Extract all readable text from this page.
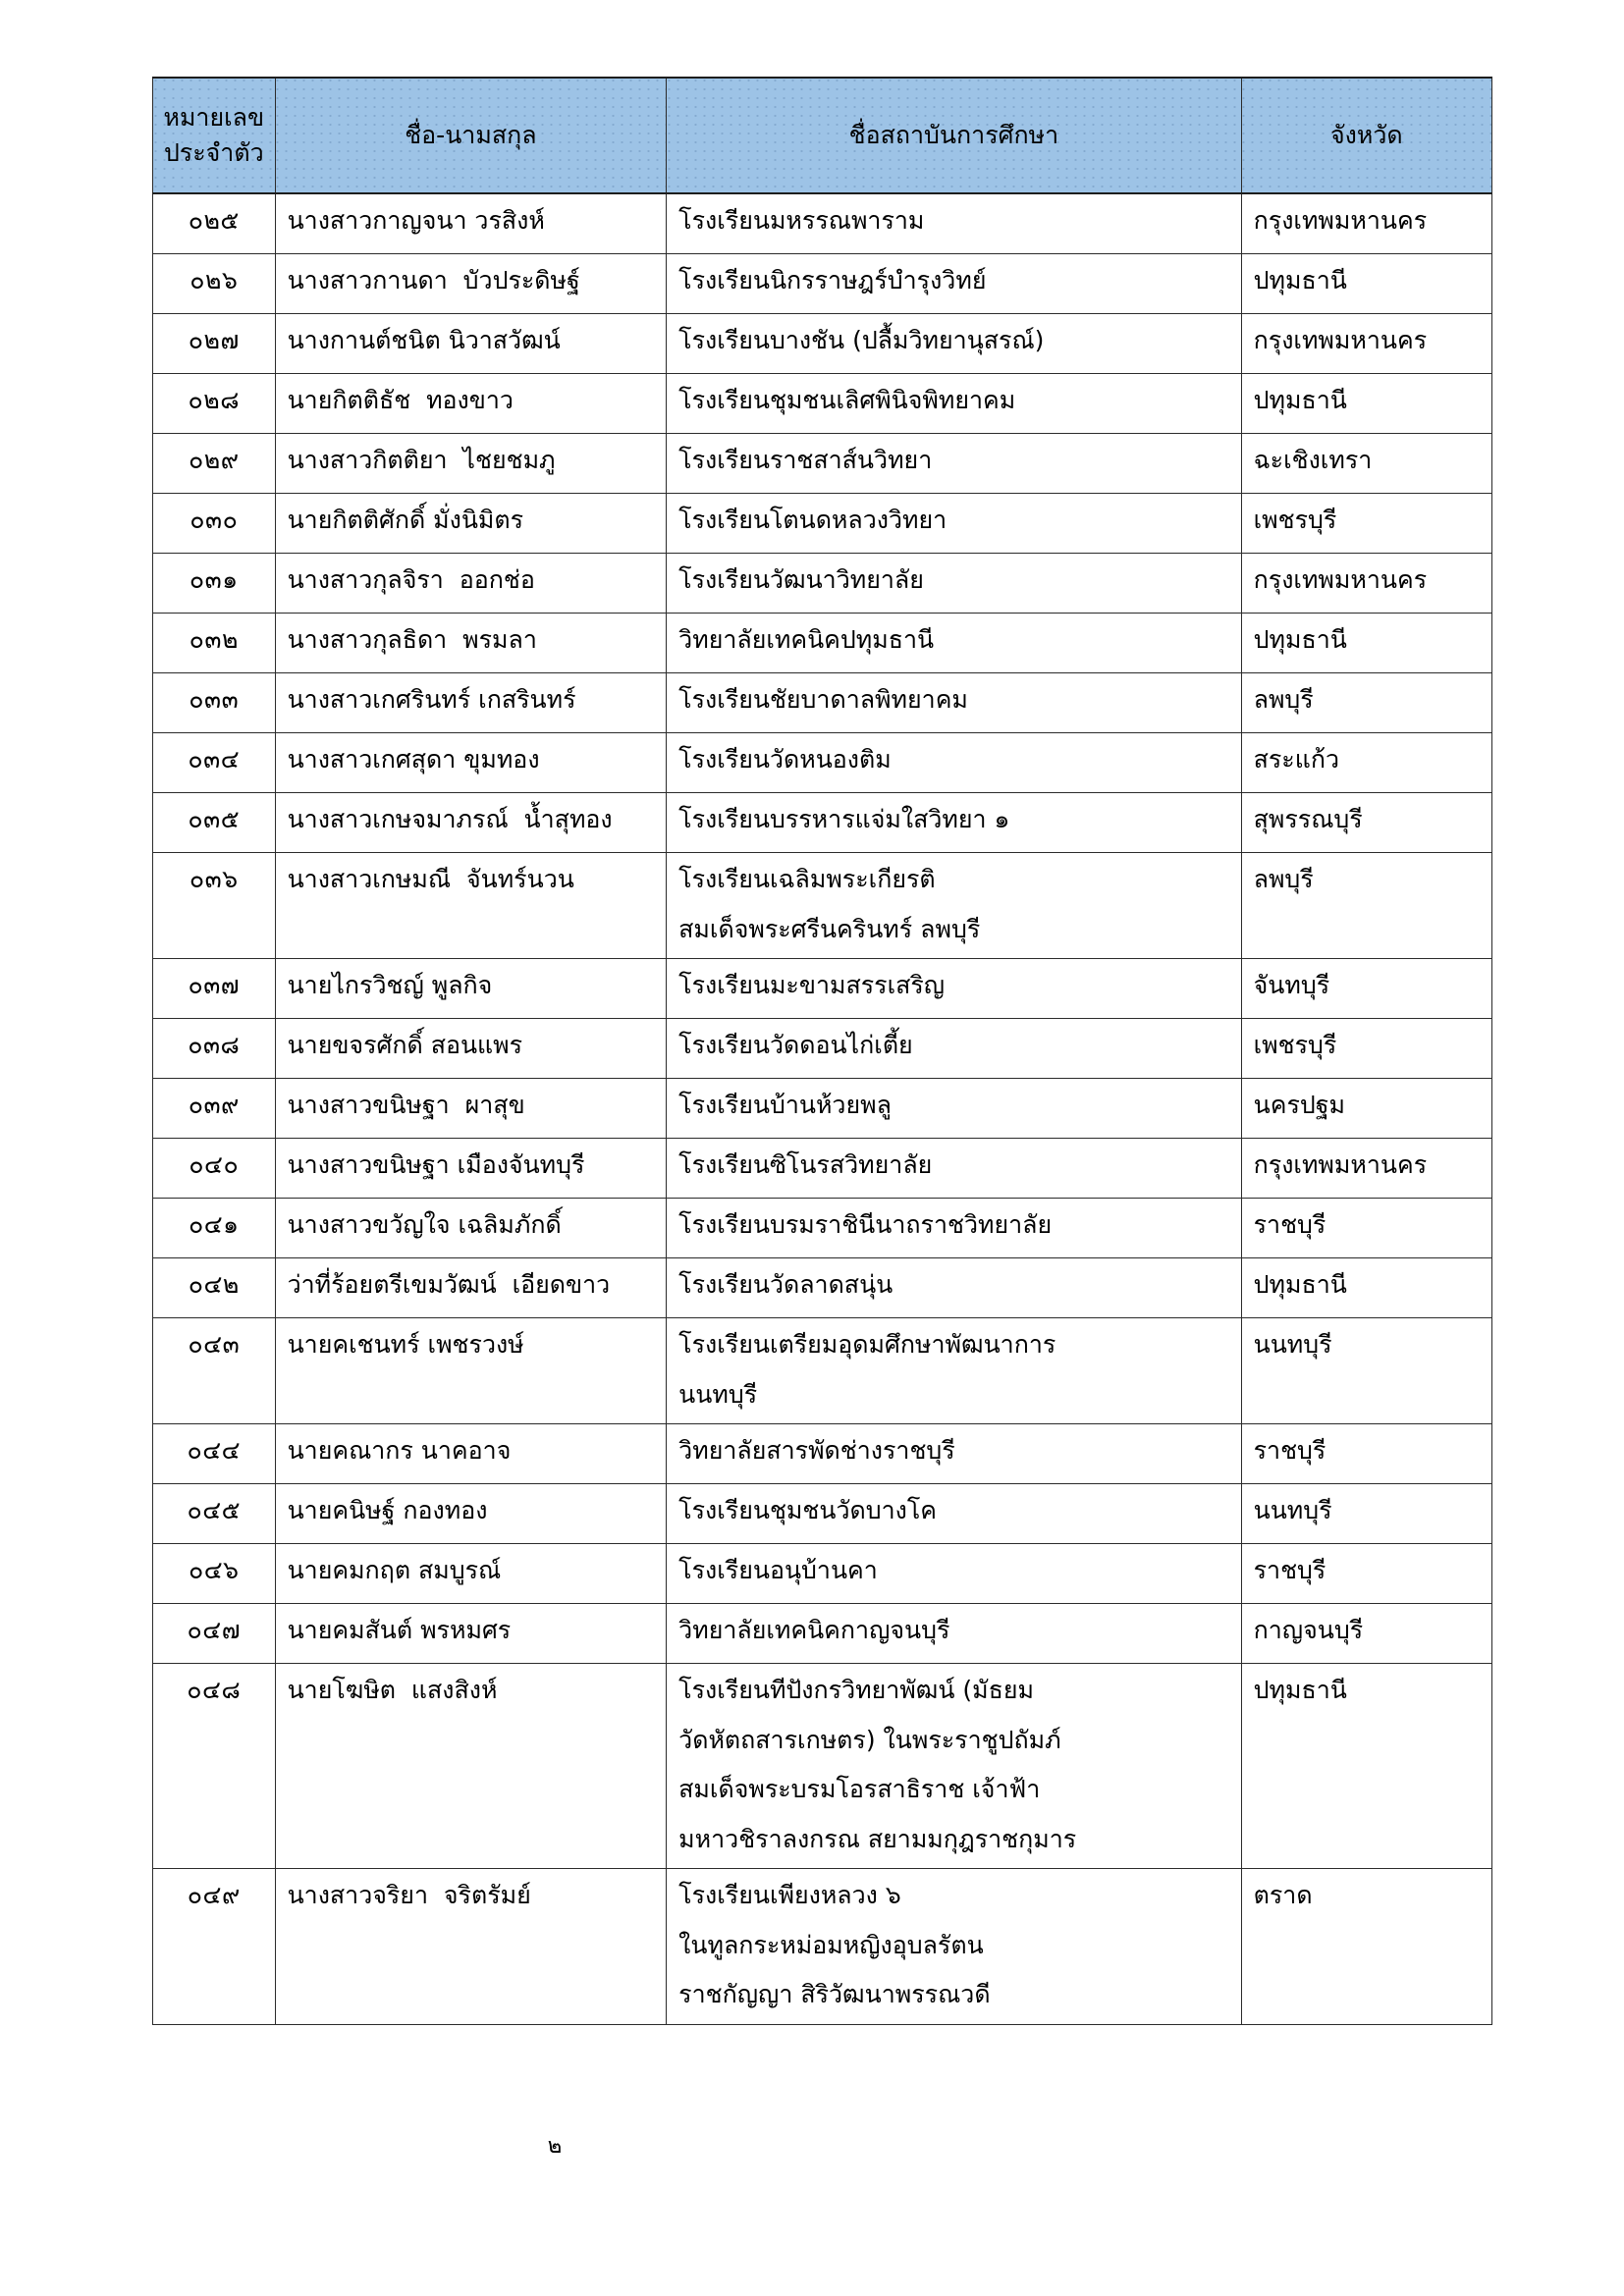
หมายเลข
ประจำตัว	ชื่อ-นามสกุล	ชื่อสถาบันการศึกษา	จังหวัด

๐๒๕	นางสาวกาญจนา วรสิงห์	โรงเรียนมหรรณพาราม	กรุงเทพมหานคร

๐๒๖	นางสาวกานดา  บัวประดิษฐ์	โรงเรียนนิกรราษฎร์บำรุงวิทย์	ปทุมธานี

๐๒๗	นางกานต์ชนิต นิวาสวัฒน์	โรงเรียนบางชัน (ปลื้มวิทยานุสรณ์)	กรุงเทพมหานคร

๐๒๘	นายกิตติธัช  ทองขาว	โรงเรียนชุมชนเลิศพินิจพิทยาคม	ปทุมธานี

๐๒๙	นางสาวกิตติยา  ไชยชมภู	โรงเรียนราชสาส์นวิทยา	ฉะเชิงเทรา

๐๓๐	นายกิตติศักดิ์ มั่งนิมิตร	โรงเรียนโตนดหลวงวิทยา	เพชรบุรี

๐๓๑	นางสาวกุลจิรา  ออกช่อ	โรงเรียนวัฒนาวิทยาลัย	กรุงเทพมหานคร

๐๓๒	นางสาวกุลธิดา  พรมลา	วิทยาลัยเทคนิคปทุมธานี	ปทุมธานี

๐๓๓	นางสาวเกศรินทร์ เกสรินทร์	โรงเรียนชัยบาดาลพิทยาคม	ลพบุรี

๐๓๔	นางสาวเกศสุดา ขุมทอง	โรงเรียนวัดหนองติม	สระแก้ว

๐๓๕	นางสาวเกษจมาภรณ์  น้ำสุทอง	โรงเรียนบรรหารแจ่มใสวิทยา ๑	สุพรรณบุรี

๐๓๖	นางสาวเกษมณี  จันทร์นวน	โรงเรียนเฉลิมพระเกียรติ
สมเด็จพระศรีนครินทร์ ลพบุรี	ลพบุรี

๐๓๗	นายไกรวิชญ์ พูลกิจ	โรงเรียนมะขามสรรเสริญ	จันทบุรี

๐๓๘	นายขจรศักดิ์ สอนแพร	โรงเรียนวัดดอนไก่เตี้ย	เพชรบุรี

๐๓๙	นางสาวขนิษฐา  ผาสุข	โรงเรียนบ้านห้วยพลู	นครปฐม

๐๔๐	นางสาวขนิษฐา เมืองจันทบุรี	โรงเรียนซิโนรสวิทยาลัย	กรุงเทพมหานคร

๐๔๑	นางสาวขวัญใจ เฉลิมภักดิ์	โรงเรียนบรมราชินีนาถราชวิทยาลัย	ราชบุรี

๐๔๒	ว่าที่ร้อยตรีเขมวัฒน์  เอียดขาว	โรงเรียนวัดลาดสนุ่น	ปทุมธานี

๐๔๓	นายคเชนทร์ เพชรวงษ์	โรงเรียนเตรียมอุดมศึกษาพัฒนาการ
นนทบุรี	นนทบุรี

๐๔๔	นายคณากร นาคอาจ	วิทยาลัยสารพัดช่างราชบุรี	ราชบุรี

๐๔๕	นายคนิษฐ์ กองทอง	โรงเรียนชุมชนวัดบางโค	นนทบุรี

๐๔๖	นายคมกฤต สมบูรณ์	โรงเรียนอนุบ้านคา	ราชบุรี

๐๔๗	นายคมสันต์ พรหมศร	วิทยาลัยเทคนิคกาญจนบุรี	กาญจนบุรี

๐๔๘	นายโฆษิต  แสงสิงห์	โรงเรียนทีปังกรวิทยาพัฒน์ (มัธยม
วัดหัตถสารเกษตร) ในพระราชูปถัมภ์
สมเด็จพระบรมโอรสาธิราช เจ้าฟ้า
มหาวชิราลงกรณ สยามมกุฎราชกุมาร	ปทุมธานี

๐๔๙	นางสาวจริยา  จริตรัมย์	โรงเรียนเพียงหลวง ๖
ในทูลกระหม่อมหญิงอุบลรัตน
ราชกัญญา สิริวัฒนาพรรณวดี	ตราด
๒
